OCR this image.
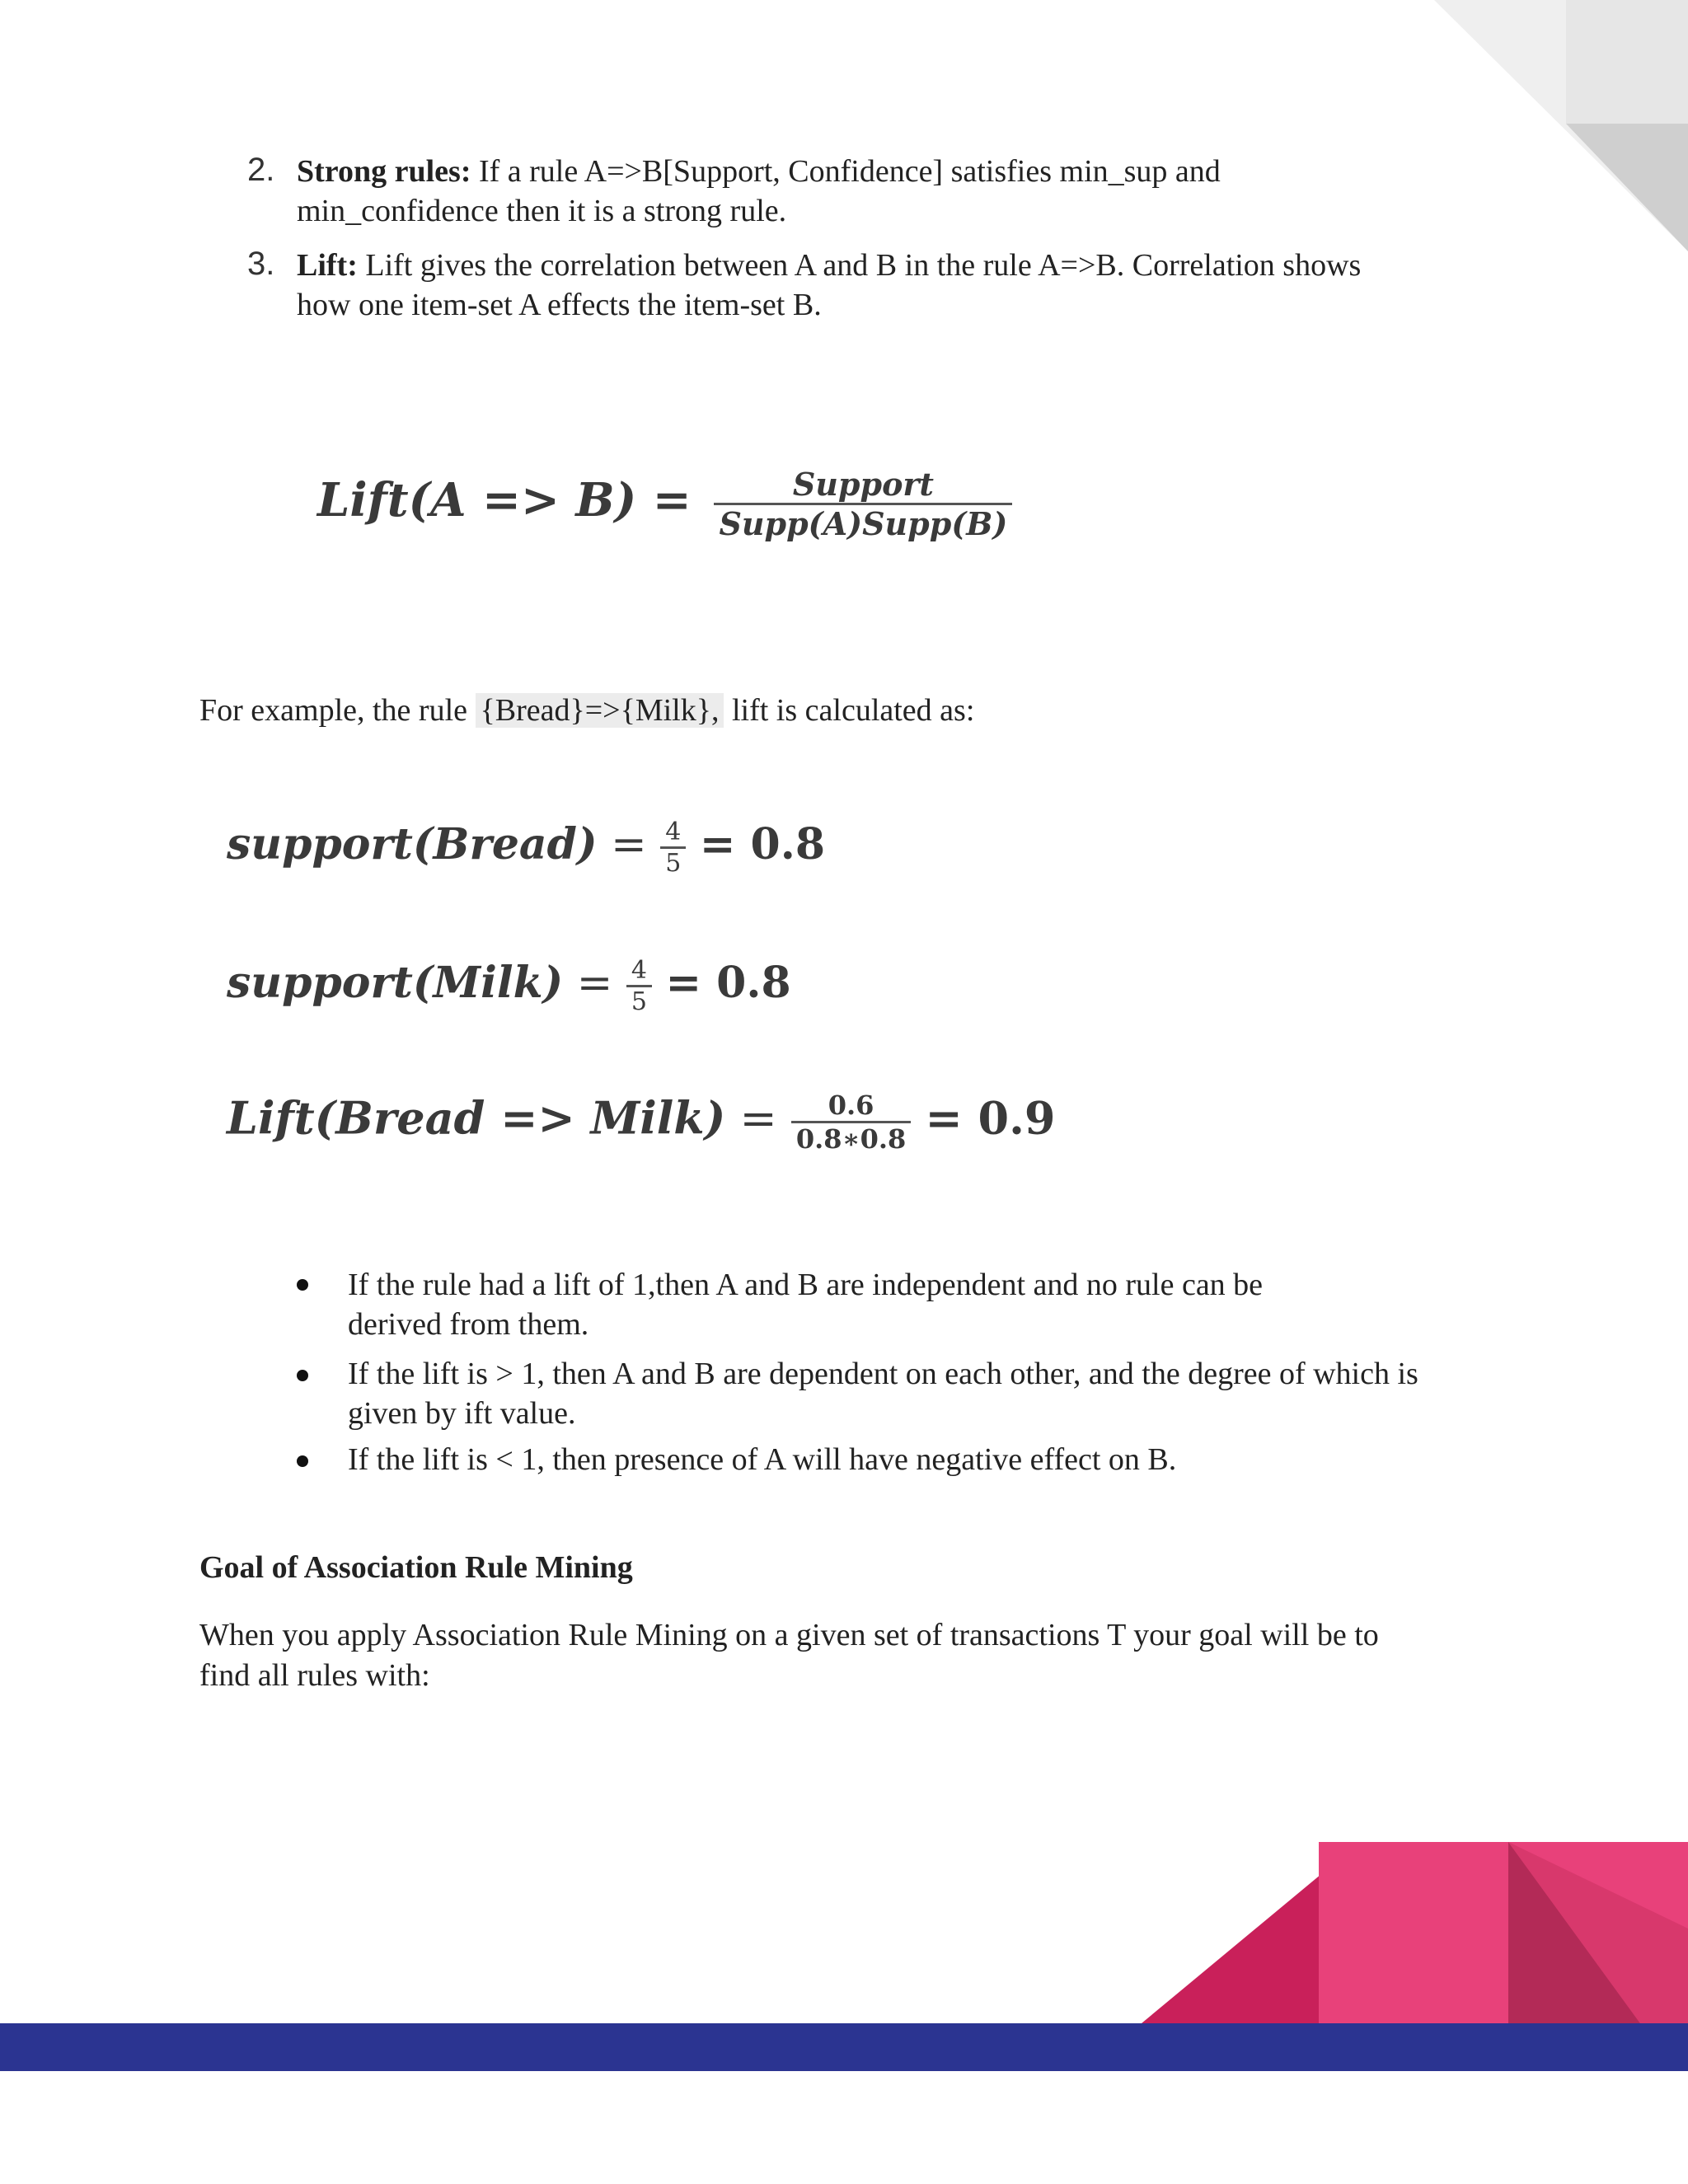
2. Strong rules: If a rule A=>B[Support, Confidence] satisfies min_sup and
min_confidence then it is a strong rule.
3. Lift: Lift gives the correlation between A and B in the rule A=>B. Correlation shows
how one item-set A effects the item-set B.
Lift(A => $B) = \frac{\text{Support}}{\text{Supp(A)Supp(B)}}$
For example, the rule {Bread}=>{Milk}, lift is calculated as:
support(Bread) = $\frac{4}{5} = 0.8$
support(Milk) = $\frac{4}{5} = 0.8$
Lift(Bread => Milk) = $\frac{0.6}{0.8∗0.8} = 0.9$
If the rule had a lift of 1,then A and B are independent and no rule can be
derived from them.
If the lift is > 1, then A and B are dependent on each other, and the degree of which is
given by ift value.
If the lift is < 1, then presence of A will have negative effect on B.
Goal of Association Rule Mining
When you apply Association Rule Mining on a given set of transactions T your goal will be to
find all rules with:
